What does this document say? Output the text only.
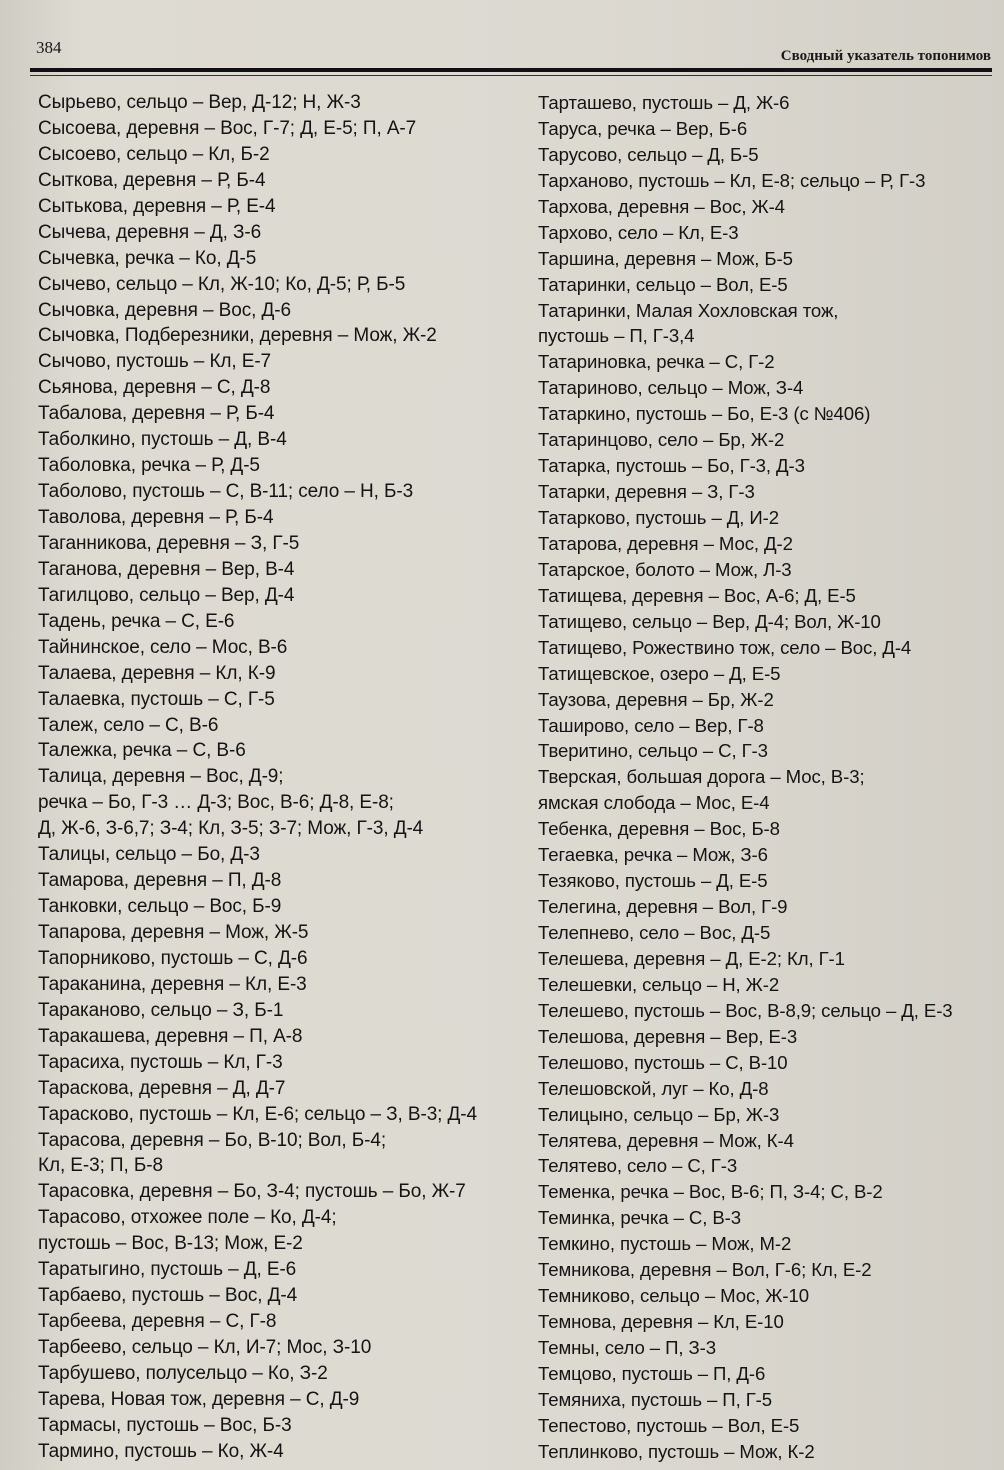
384	Сводный указатель топонимов
Сырьево, сельцо – Вер, Д-12; Н, Ж-3
Сысоева, деревня – Вос, Г-7; Д, Е-5; П, А-7
Сысоево, сельцо – Кл, Б-2
Сыткова, деревня – Р, Б-4
Сытькова, деревня – Р, Е-4
Сычева, деревня – Д, З-6
Сычевка, речка – Ко, Д-5
Сычево, сельцо – Кл, Ж-10; Ко, Д-5; Р, Б-5
Сычовка, деревня – Вос, Д-6
Сычовка, Подберезники, деревня – Мож, Ж-2
Сычово, пустошь – Кл, Е-7
Сьянова, деревня – С, Д-8
Табалова, деревня – Р, Б-4
Таболкино, пустошь – Д, В-4
Таболовка, речка – Р, Д-5
Таболово, пустошь – С, В-11; село – Н, Б-3
Таволова, деревня – Р, Б-4
Таганникова, деревня – З, Г-5
Таганова, деревня – Вер, В-4
Тагилцово, сельцо – Вер, Д-4
Тадень, речка – С, Е-6
Тайнинское, село – Мос, В-6
Талаева, деревня – Кл, К-9
Талаевка, пустошь – С, Г-5
Талеж, село – С, В-6
Талежка, речка – С, В-6
Талица, деревня – Вос, Д-9;
речка – Бо, Г-3 … Д-3; Вос, В-6; Д-8, Е-8;
Д, Ж-6, З-6,7; З-4; Кл, З-5; З-7; Мож, Г-3, Д-4
Талицы, сельцо – Бо, Д-3
Тамарова, деревня – П, Д-8
Танковки, сельцо – Вос, Б-9
Тапарова, деревня – Мож, Ж-5
Тапорниково, пустошь – С, Д-6
Тараканина, деревня – Кл, Е-3
Тараканово, сельцо – З, Б-1
Таракашева, деревня – П, А-8
Тарасиха, пустошь – Кл, Г-3
Тараскова, деревня – Д, Д-7
Тарасково, пустошь – Кл, Е-6; сельцо – З, В-3; Д-4
Тарасова, деревня – Бо, В-10; Вол, Б-4;
Кл, Е-3; П, Б-8
Тарасовка, деревня – Бо, З-4; пустошь – Бо, Ж-7
Тарасово, отхожее поле – Ко, Д-4;
пустошь – Вос, В-13; Мож, Е-2
Таратыгино, пустошь – Д, Е-6
Тарбаево, пустошь – Вос, Д-4
Тарбеева, деревня – С, Г-8
Тарбеево, сельцо – Кл, И-7; Мос, З-10
Тарбушево, полусельцо – Ко, З-2
Тарева, Новая тож, деревня – С, Д-9
Тармасы, пустошь – Вос, Б-3
Тармино, пустошь – Ко, Ж-4
Тарташево, пустошь – Д, Ж-6
Таруса, речка – Вер, Б-6
Тарусово, сельцо – Д, Б-5
Тарханово, пустошь – Кл, Е-8; сельцо – Р, Г-3
Тархова, деревня – Вос, Ж-4
Тархово, село – Кл, Е-3
Таршина, деревня – Мож, Б-5
Татаринки, сельцо – Вол, Е-5
Татаринки, Малая Хохловская тож,
пустошь – П, Г-3,4
Татариновка, речка – С, Г-2
Татариново, сельцо – Мож, З-4
Татаркино, пустошь – Бо, Е-3 (с №406)
Татаринцово, село – Бр, Ж-2
Татарка, пустошь – Бо, Г-3, Д-3
Татарки, деревня – З, Г-3
Татарково, пустошь – Д, И-2
Татарова, деревня – Мос, Д-2
Татарское, болото – Мож, Л-3
Татищева, деревня – Вос, А-6; Д, Е-5
Татищево, сельцо – Вер, Д-4; Вол, Ж-10
Татищево, Рожествино тож, село – Вос, Д-4
Татищевское, озеро – Д, Е-5
Таузова, деревня – Бр, Ж-2
Таширово, село – Вер, Г-8
Тверитино, сельцо – С, Г-3
Тверская, большая дорога – Мос, В-3;
ямская слобода – Мос, Е-4
Тебенка, деревня – Вос, Б-8
Тегаевка, речка – Мож, З-6
Тезяково, пустошь – Д, Е-5
Телегина, деревня – Вол, Г-9
Телепнево, село – Вос, Д-5
Телешева, деревня – Д, Е-2; Кл, Г-1
Телешевки, сельцо – Н, Ж-2
Телешево, пустошь – Вос, В-8,9; сельцо – Д, Е-3
Телешова, деревня – Вер, Е-3
Телешово, пустошь – С, В-10
Телешовской, луг – Ко, Д-8
Телицыно, сельцо – Бр, Ж-3
Телятева, деревня – Мож, К-4
Телятево, село – С, Г-3
Теменка, речка – Вос, В-6; П, З-4; С, В-2
Теминка, речка – С, В-3
Темкино, пустошь – Мож, М-2
Темникова, деревня – Вол, Г-6; Кл, Е-2
Темниково, сельцо – Мос, Ж-10
Темнова, деревня – Кл, Е-10
Темны, село – П, З-3
Темцово, пустошь – П, Д-6
Темяниха, пустошь – П, Г-5
Тепестово, пустошь – Вол, Е-5
Теплинково, пустошь – Мож, К-2
